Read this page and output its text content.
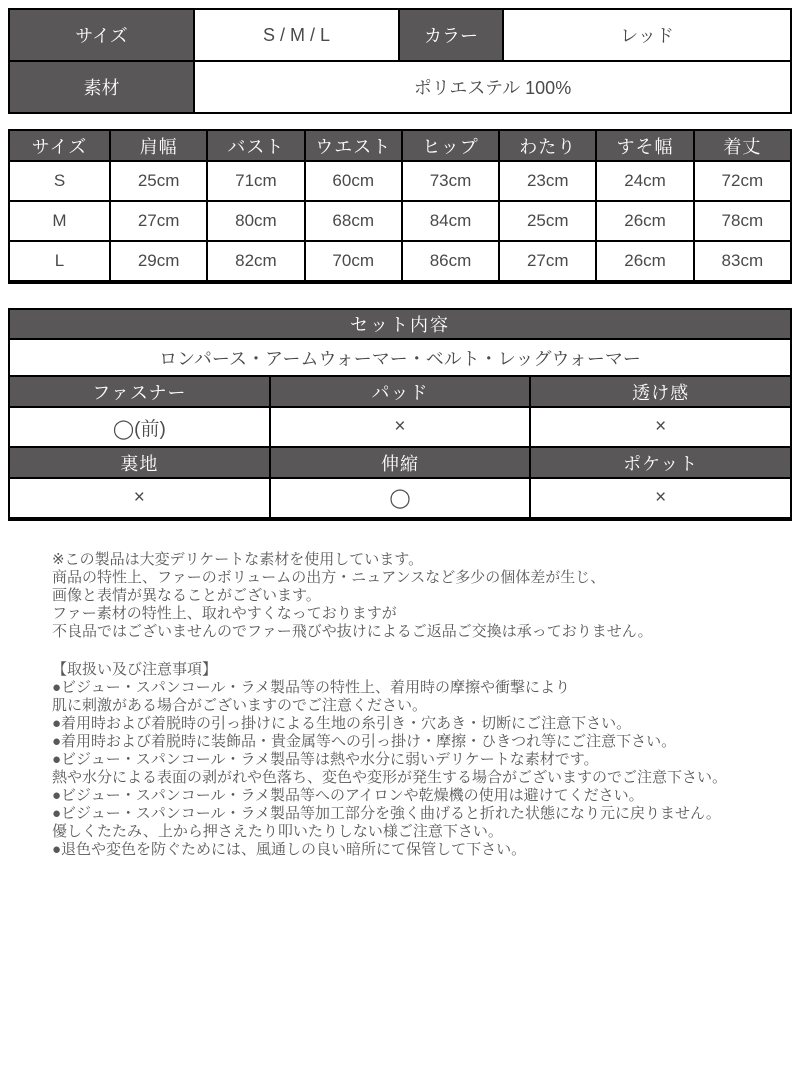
サイズ	S / M / L	カラー	レッド
素材	ポリエステル 100%		
サイズ	肩幅	バスト	ウエスト	ヒップ	わたり	すそ幅	着丈
S	25cm	71cm	60cm	73cm	23cm	24cm	72cm
M	27cm	80cm	68cm	84cm	25cm	26cm	78cm
L	29cm	82cm	70cm	86cm	27cm	26cm	83cm
セット内容		
ロンパース・アームウォーマー・ベルト・レッグウォーマー		
ファスナー	パッド	透け感
◯(前)	×	×
裏地	伸縮	ポケット
×	◯	×
※この製品は大変デリケートな素材を使用しています。
商品の特性上、ファーのボリュームの出方・ニュアンスなど多少の個体差が生じ、
画像と表情が異なることがございます。
ファー素材の特性上、取れやすくなっておりますが
不良品ではございませんのでファー飛びや抜けによるご返品ご交換は承っておりません。
【取扱い及び注意事項】
●ビジュー・スパンコール・ラメ製品等の特性上、着用時の摩擦や衝撃により
肌に刺激がある場合がございますのでご注意ください。
●着用時および着脱時の引っ掛けによる生地の糸引き・穴あき・切断にご注意下さい。
●着用時および着脱時に装飾品・貴金属等への引っ掛け・摩擦・ひきつれ等にご注意下さい。
●ビジュー・スパンコール・ラメ製品等は熱や水分に弱いデリケートな素材です。
熱や水分による表面の剥がれや色落ち、変色や変形が発生する場合がございますのでご注意下さい。
●ビジュー・スパンコール・ラメ製品等へのアイロンや乾燥機の使用は避けてください。
●ビジュー・スパンコール・ラメ製品等加工部分を強く曲げると折れた状態になり元に戻りません。
優しくたたみ、上から押さえたり叩いたりしない様ご注意下さい。
●退色や変色を防ぐためには、風通しの良い暗所にて保管して下さい。
